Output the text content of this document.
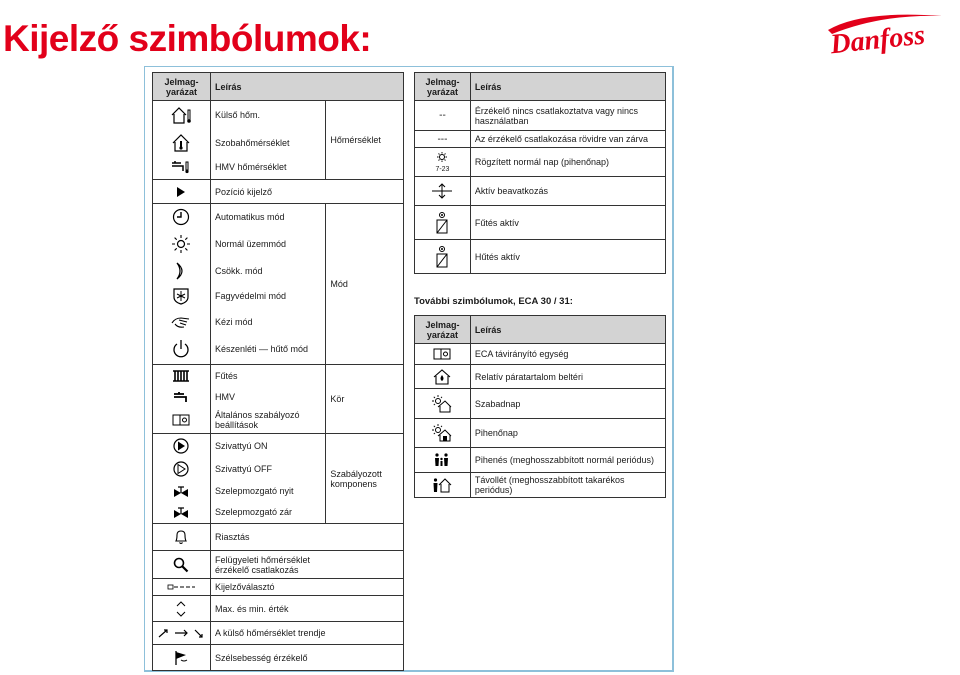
Kijelző szimbólumok:	Danfoss
Jelmag-
yarázat	Leírás	

	Külső hőm.	Hőmérséklet

	Szobahőmérséklet	

	HMV hőmérséklet	

	Pozíció kijelző	

	Automatikus mód	Mód

	Normál üzemmód	

	Csökk. mód	

	Fagyvédelmi mód	

	Kézi mód	

	Készenléti — hűtő mód	

	Fűtés	Kör

	HMV	

	Általános szabályozó
beállítások	

	Szivattyú ON	Szabályozott
komponens

	Szivattyú OFF	

	Szelepmozgató nyit	

	Szelepmozgató zár	

	Riasztás	

	Felügyeleti hőmérséklet
érzékelő csatlakozás	

	Kijelzőválasztó	

	Max. és min. érték	

	A külső hőmérséklet trendje	

	Szélsebesség érzékelő	
Jelmag-
yarázat	Leírás
--	Érzékelő nincs csatlakoztatva vagy nincs
használatban
---	Az érzékelő csatlakozása rövidre van zárva

7-23	Rögzített normál nap (pihenőnap)

	Aktív beavatkozás

	Fűtés aktív

	Hűtés aktív

További szimbólumok, ECA 30 / 31:

Jelmag-
yarázat	Leírás

	ECA távirányító egység

	Relatív páratartalom beltéri

	Szabadnap

	Pihenőnap

	Pihenés (meghosszabbított normál periódus)

	Távollét (meghosszabbított takarékos periódus)
